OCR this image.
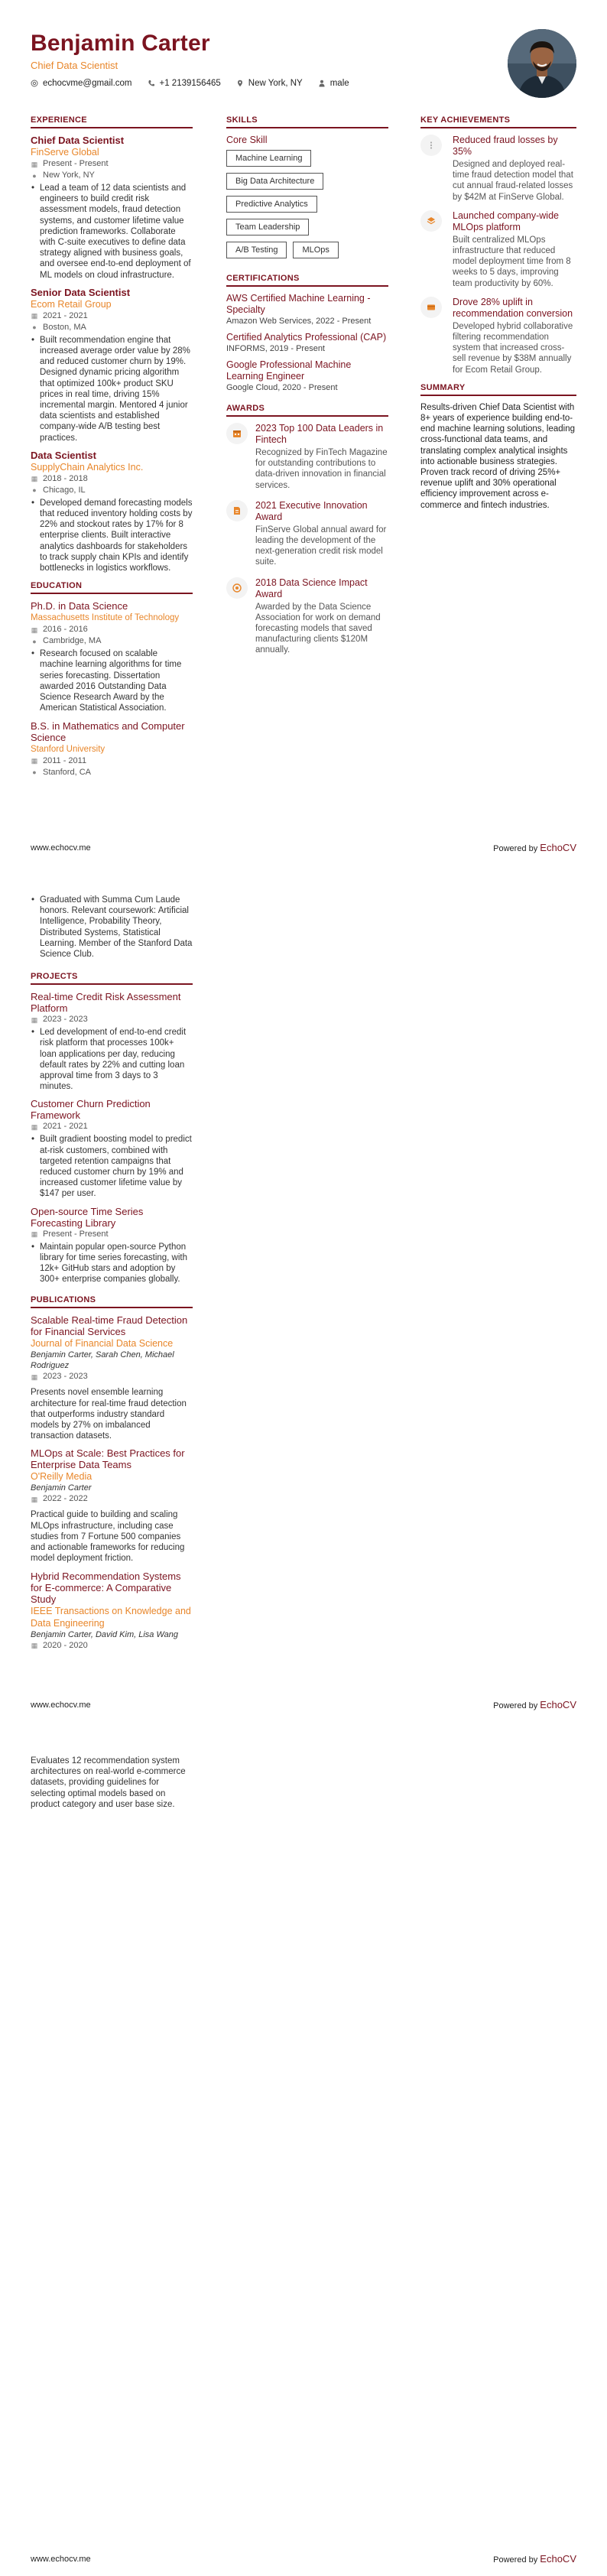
Benjamin Carter
Chief Data Scientist
echocvme@gmail.com	+1 2139156465	New York, NY	male
EXPERIENCE
Chief Data Scientist
FinServe Global
▦ Present - Present
● New York, NY
• Lead a team of 12 data scientists and engineers to build credit risk assessment models, fraud detection systems, and customer lifetime value prediction frameworks. Collaborate with C-suite executives to define data strategy aligned with business goals, and oversee end-to-end deployment of ML models on cloud infrastructure.
Senior Data Scientist
Ecom Retail Group
▦ 2021 - 2021
● Boston, MA
• Built recommendation engine that increased average order value by 28% and reduced customer churn by 19%. Designed dynamic pricing algorithm that optimized 100k+ product SKU prices in real time, driving 15% incremental margin. Mentored 4 junior data scientists and established company-wide A/B testing best practices.
Data Scientist
SupplyChain Analytics Inc.
▦ 2018 - 2018
● Chicago, IL
• Developed demand forecasting models that reduced inventory holding costs by 22% and stockout rates by 17% for 8 enterprise clients. Built interactive analytics dashboards for stakeholders to track supply chain KPIs and identify bottlenecks in logistics workflows.
EDUCATION
Ph.D. in Data Science
Massachusetts Institute of Technology
▦ 2016 - 2016
● Cambridge, MA
• Research focused on scalable machine learning algorithms for time series forecasting. Dissertation awarded 2016 Outstanding Data Science Research Award by the American Statistical Association.
B.S. in Mathematics and Computer Science
Stanford University
▦ 2011 - 2011
● Stanford, CA
SKILLS
Core Skill
Machine Learning
Big Data Architecture
Predictive Analytics
Team Leadership
A/B Testing	MLOps
CERTIFICATIONS
AWS Certified Machine Learning - Specialty
Amazon Web Services, 2022 - Present
Certified Analytics Professional (CAP)
INFORMS, 2019 - Present
Google Professional Machine Learning Engineer
Google Cloud, 2020 - Present
AWARDS
2023 Top 100 Data Leaders in Fintech
Recognized by FinTech Magazine for outstanding contributions to data-driven innovation in financial services.
2021 Executive Innovation Award
FinServe Global annual award for leading the development of the next-generation credit risk model suite.
2018 Data Science Impact Award
Awarded by the Data Science Association for work on demand forecasting models that saved manufacturing clients $120M annually.
KEY ACHIEVEMENTS
Reduced fraud losses by 35%
Designed and deployed real-time fraud detection model that cut annual fraud-related losses by $42M at FinServe Global.
Launched company-wide MLOps platform
Built centralized MLOps infrastructure that reduced model deployment time from 8 weeks to 5 days, improving team productivity by 60%.
Drove 28% uplift in recommendation conversion
Developed hybrid collaborative filtering recommendation system that increased cross-sell revenue by $38M annually for Ecom Retail Group.
SUMMARY
Results-driven Chief Data Scientist with 8+ years of experience building end-to-end machine learning solutions, leading cross-functional data teams, and translating complex analytical insights into actionable business strategies. Proven track record of driving 25%+ revenue uplift and 30% operational efficiency improvement across e-commerce and fintech industries.
www.echocv.me	Powered by EchoCV
• Graduated with Summa Cum Laude honors. Relevant coursework: Artificial Intelligence, Probability Theory, Distributed Systems, Statistical Learning. Member of the Stanford Data Science Club.
PROJECTS
Real-time Credit Risk Assessment Platform
▦ 2023 - 2023
• Led development of end-to-end credit risk platform that processes 100k+ loan applications per day, reducing default rates by 22% and cutting loan approval time from 3 days to 3 minutes.
Customer Churn Prediction Framework
▦ 2021 - 2021
• Built gradient boosting model to predict at-risk customers, combined with targeted retention campaigns that reduced customer churn by 19% and increased customer lifetime value by $147 per user.
Open-source Time Series Forecasting Library
▦ Present - Present
• Maintain popular open-source Python library for time series forecasting, with 12k+ GitHub stars and adoption by 300+ enterprise companies globally.
PUBLICATIONS
Scalable Real-time Fraud Detection for Financial Services
Journal of Financial Data Science
Benjamin Carter, Sarah Chen, Michael Rodriguez
▦ 2023 - 2023
Presents novel ensemble learning architecture for real-time fraud detection that outperforms industry standard models by 27% on imbalanced transaction datasets.
MLOps at Scale: Best Practices for Enterprise Data Teams
O'Reilly Media
Benjamin Carter
▦ 2022 - 2022
Practical guide to building and scaling MLOps infrastructure, including case studies from 7 Fortune 500 companies and actionable frameworks for reducing model deployment friction.
Hybrid Recommendation Systems for E-commerce: A Comparative Study
IEEE Transactions on Knowledge and Data Engineering
Benjamin Carter, David Kim, Lisa Wang
▦ 2020 - 2020
www.echocv.me	Powered by EchoCV
Evaluates 12 recommendation system architectures on real-world e-commerce datasets, providing guidelines for selecting optimal models based on product category and user base size.
www.echocv.me	Powered by EchoCV
